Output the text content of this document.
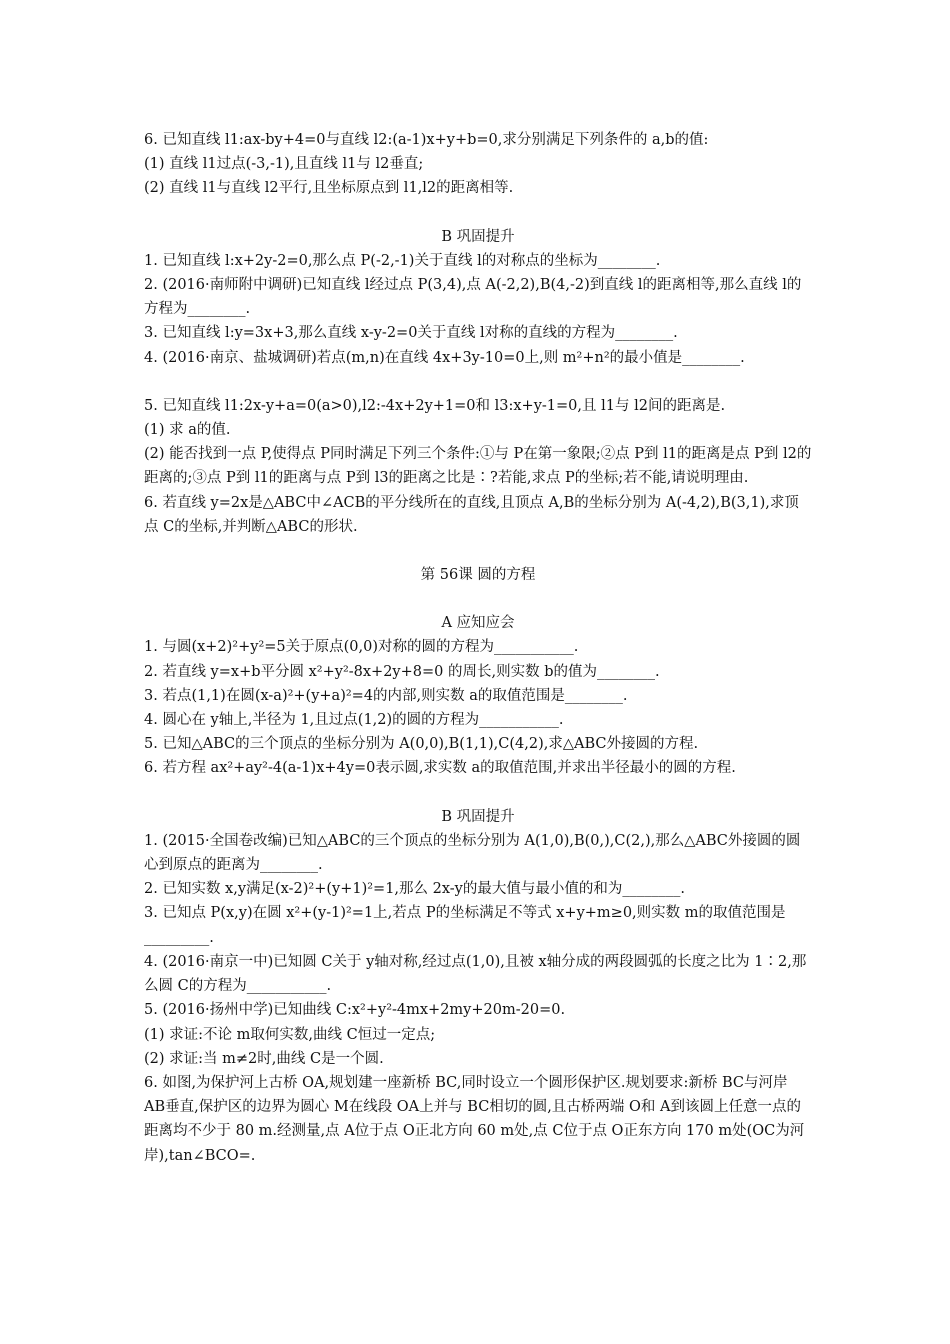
6. 已知直线 l1:ax-by+4=0与直线 l2:(a-1)x+y+b=0,求分别满足下列条件的 a,b的值:

(1) 直线 l1过点(-3,-1),且直线 l1与 l2垂直;

(2) 直线 l1与直线 l2平行,且坐标原点到 l1,l2的距离相等.

B 巩固提升

1. 已知直线 l:x+2y-2=0,那么点 P(-2,-1)关于直线 l的对称点的坐标为________.

2. (2016·南师附中调研)已知直线 l经过点 P(3,4),点 A(-2,2),B(4,-2)到直线 l的距离相等,那么直线 l的方程为________.

3. 已知直线 l:y=3x+3,那么直线 x-y-2=0关于直线 l对称的直线的方程为________.

4. (2016·南京、盐城调研)若点(m,n)在直线 4x+3y-10=0上,则 m²+n²的最小值是________.

5. 已知直线 l1:2x-y+a=0(a>0),l2:-4x+2y+1=0和 l3:x+y-1=0,且 l1与 l2间的距离是.

(1) 求 a的值.

(2) 能否找到一点 P,使得点 P同时满足下列三个条件:①与 P在第一象限;②点 P到 l1的距离是点 P到 l2的距离的;③点 P到 l1的距离与点 P到 l3的距离之比是∶?若能,求点 P的坐标;若不能,请说明理由.

6. 若直线 y=2x是△ABC中∠ACB的平分线所在的直线,且顶点 A,B的坐标分别为 A(-4,2),B(3,1),求顶点 C的坐标,并判断△ABC的形状.

第 56课 圆的方程

A 应知应会

1. 与圆(x+2)²+y²=5关于原点(0,0)对称的圆的方程为___________.

2. 若直线 y=x+b平分圆 x²+y²-8x+2y+8=0 的周长,则实数 b的值为________.

3. 若点(1,1)在圆(x-a)²+(y+a)²=4的内部,则实数 a的取值范围是________.

4. 圆心在 y轴上,半径为 1,且过点(1,2)的圆的方程为___________.

5. 已知△ABC的三个顶点的坐标分别为 A(0,0),B(1,1),C(4,2),求△ABC外接圆的方程.

6. 若方程 ax²+ay²-4(a-1)x+4y=0表示圆,求实数 a的取值范围,并求出半径最小的圆的方程.

B 巩固提升

1. (2015·全国卷改编)已知△ABC的三个顶点的坐标分别为 A(1,0),B(0,),C(2,),那么△ABC外接圆的圆心到原点的距离为________.

2. 已知实数 x,y满足(x-2)²+(y+1)²=1,那么 2x-y的最大值与最小值的和为________.

3. 已知点 P(x,y)在圆 x²+(y-1)²=1上,若点 P的坐标满足不等式 x+y+m≥0,则实数 m的取值范围是_________.

4. (2016·南京一中)已知圆 C关于 y轴对称,经过点(1,0),且被 x轴分成的两段圆弧的长度之比为 1∶2,那么圆 C的方程为___________.

5. (2016·扬州中学)已知曲线 C:x²+y²-4mx+2my+20m-20=0.

(1) 求证:不论 m取何实数,曲线 C恒过一定点;

(2) 求证:当 m≠2时,曲线 C是一个圆.

6. 如图,为保护河上古桥 OA,规划建一座新桥 BC,同时设立一个圆形保护区.规划要求:新桥 BC与河岸 AB垂直,保护区的边界为圆心 M在线段 OA上并与 BC相切的圆,且古桥两端 O和 A到该圆上任意一点的距离均不少于 80 m.经测量,点 A位于点 O正北方向 60 m处,点 C位于点 O正东方向 170 m处(OC为河岸),tan∠BCO=.
